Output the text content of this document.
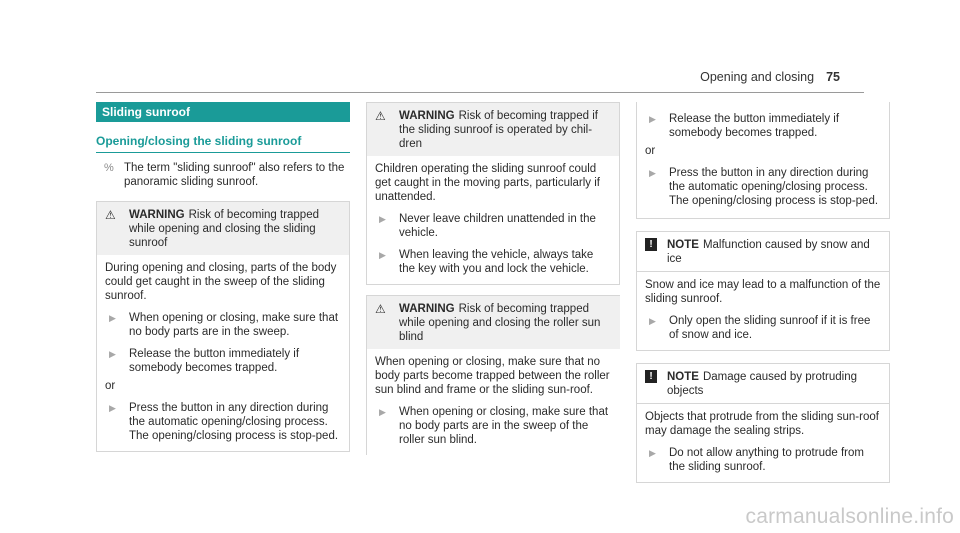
Opening and closing 75
Sliding sunroof
Opening/closing the sliding sunroof
% The term "sliding sunroof" also refers to the panoramic sliding sunroof.
⚠	WARNING Risk of becoming trapped while opening and closing the sliding sunroof

During opening and closing, parts of the body could get caught in the sweep of the sliding sunroof.

▶	When opening or closing, make sure that no body parts are in the sweep.
▶	Release the button immediately if somebody becomes trapped.
or
▶	Press the button in any direction during the automatic opening/closing process. The opening/closing process is stop-ped.
⚠	WARNING Risk of becoming trapped if the sliding sunroof is operated by chil-dren

Children operating the sliding sunroof could get caught in the moving parts, particularly if unattended.

▶	Never leave children unattended in the vehicle.
▶	When leaving the vehicle, always take the key with you and lock the vehicle.
⚠	WARNING Risk of becoming trapped while opening and closing the roller sun blind

When opening or closing, make sure that no body parts become trapped between the roller sun blind and frame or the sliding sun-roof.

▶	When opening or closing, make sure that no body parts are in the sweep of the roller sun blind.
▶	Release the button immediately if somebody becomes trapped.
or
▶	Press the button in any direction during the automatic opening/closing process. The opening/closing process is stop-ped.
!	NOTE Malfunction caused by snow and ice

Snow and ice may lead to a malfunction of the sliding sunroof.

▶	Only open the sliding sunroof if it is free of snow and ice.
!	NOTE Damage caused by protruding objects

Objects that protrude from the sliding sun-roof may damage the sealing strips.

▶	Do not allow anything to protrude from the sliding sunroof.
carmanualsonline.info
